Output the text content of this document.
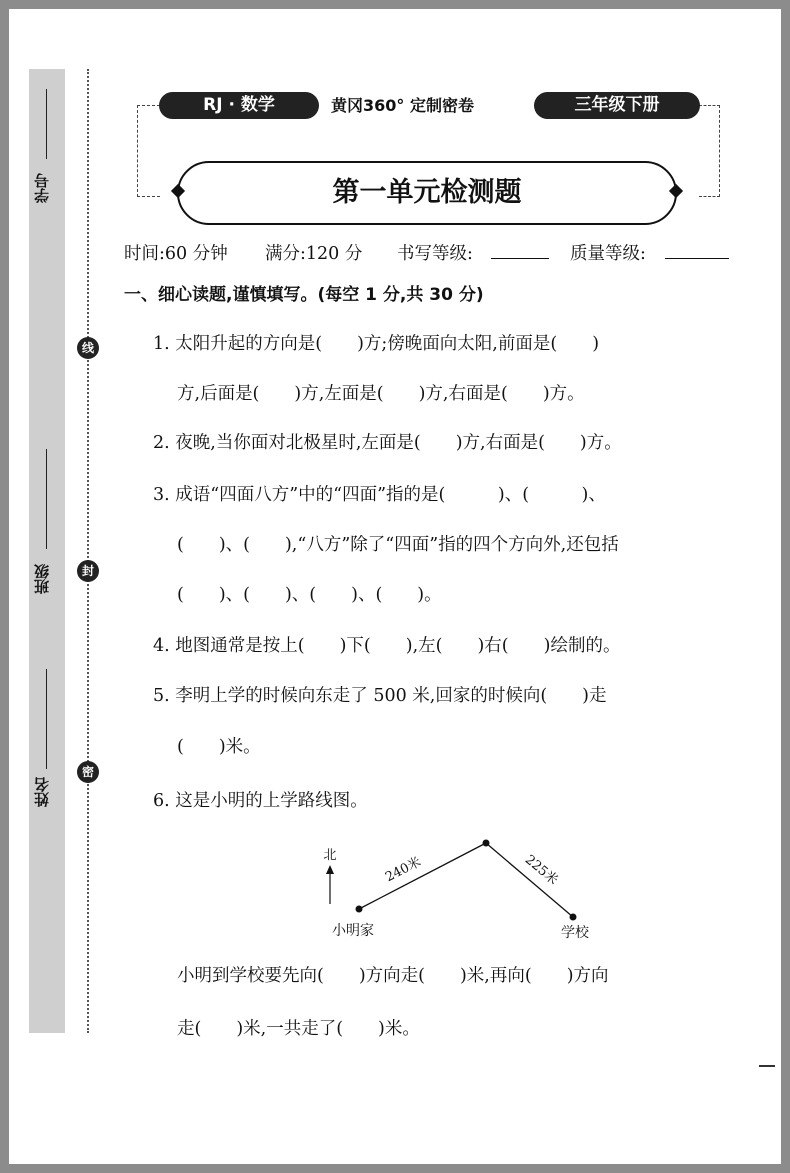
学号
班级
姓名
线
封
密
RJ · 数学	黄冈360° 定制密卷	三年级下册
第一单元检测题
时间:60 分钟 满分:120 分 书写等级:	质量等级:
一、细心读题,谨慎填写。(每空 1 分,共 30 分)
1. 太阳升起的方向是(　　)方;傍晚面向太阳,前面是(　　)
方,后面是(　　)方,左面是(　　)方,右面是(　　)方。
2. 夜晚,当你面对北极星时,左面是(　　)方,右面是(　　)方。
3. 成语“四面八方”中的“四面”指的是(　　　)、(　　　)、
(　　)、(　　),“八方”除了“四面”指的四个方向外,还包括
(　　)、(　　)、(　　)、(　　)。
4. 地图通常是按上(　　)下(　　),左(　　)右(　　)绘制的。
5. 李明上学的时候向东走了 500 米,回家的时候向(　　)走
(　　)米。
6. 这是小明的上学路线图。
北	240米	225米
小明家	学校
小明到学校要先向(　　)方向走(　　)米,再向(　　)方向
走(　　)米,一共走了(　　)米。
